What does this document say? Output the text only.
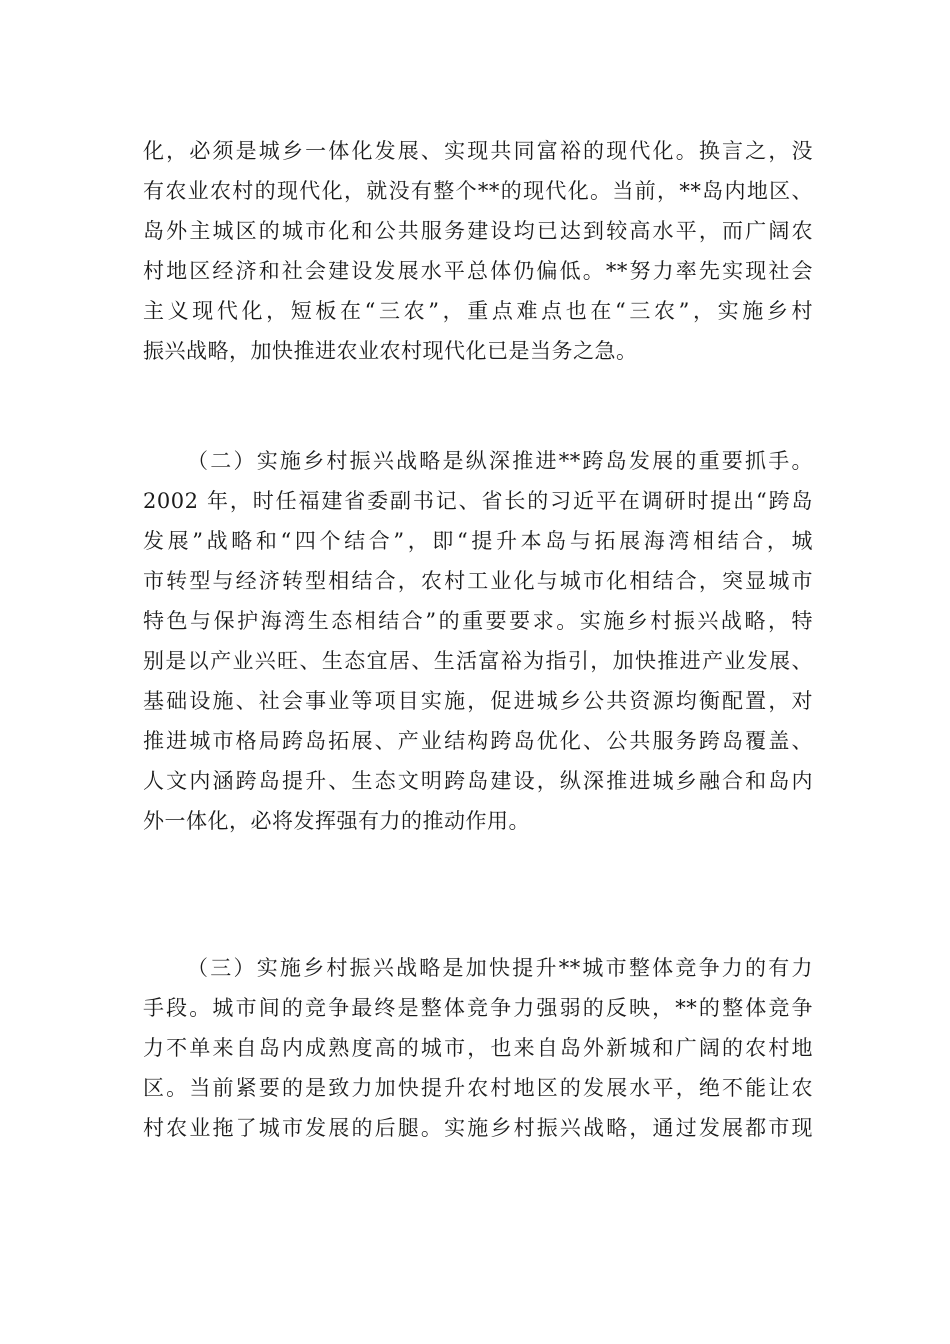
化，必须是城乡一体化发展、实现共同富裕的现代化。换言之，没
有农业农村的现代化，就没有整个**的现代化。当前，**岛内地区、
岛外主城区的城市化和公共服务建设均已达到较高水平，而广阔农
村地区经济和社会建设发展水平总体仍偏低。**努力率先实现社会
主义现代化，短板在“三农”，重点难点也在“三农”，实施乡村
振兴战略，加快推进农业农村现代化已是当务之急。
（二）实施乡村振兴战略是纵深推进**跨岛发展的重要抓手。
2002 年，时任福建省委副书记、省长的习近平在调研时提出“跨岛
发展”战略和“四个结合”，即“提升本岛与拓展海湾相结合，城
市转型与经济转型相结合，农村工业化与城市化相结合，突显城市
特色与保护海湾生态相结合”的重要要求。实施乡村振兴战略，特
别是以产业兴旺、生态宜居、生活富裕为指引，加快推进产业发展、
基础设施、社会事业等项目实施，促进城乡公共资源均衡配置，对
推进城市格局跨岛拓展、产业结构跨岛优化、公共服务跨岛覆盖、
人文内涵跨岛提升、生态文明跨岛建设，纵深推进城乡融合和岛内
外一体化，必将发挥强有力的推动作用。
（三）实施乡村振兴战略是加快提升**城市整体竞争力的有力
手段。城市间的竞争最终是整体竞争力强弱的反映，**的整体竞争
力不单来自岛内成熟度高的城市，也来自岛外新城和广阔的农村地
区。当前紧要的是致力加快提升农村地区的发展水平，绝不能让农
村农业拖了城市发展的后腿。实施乡村振兴战略，通过发展都市现
